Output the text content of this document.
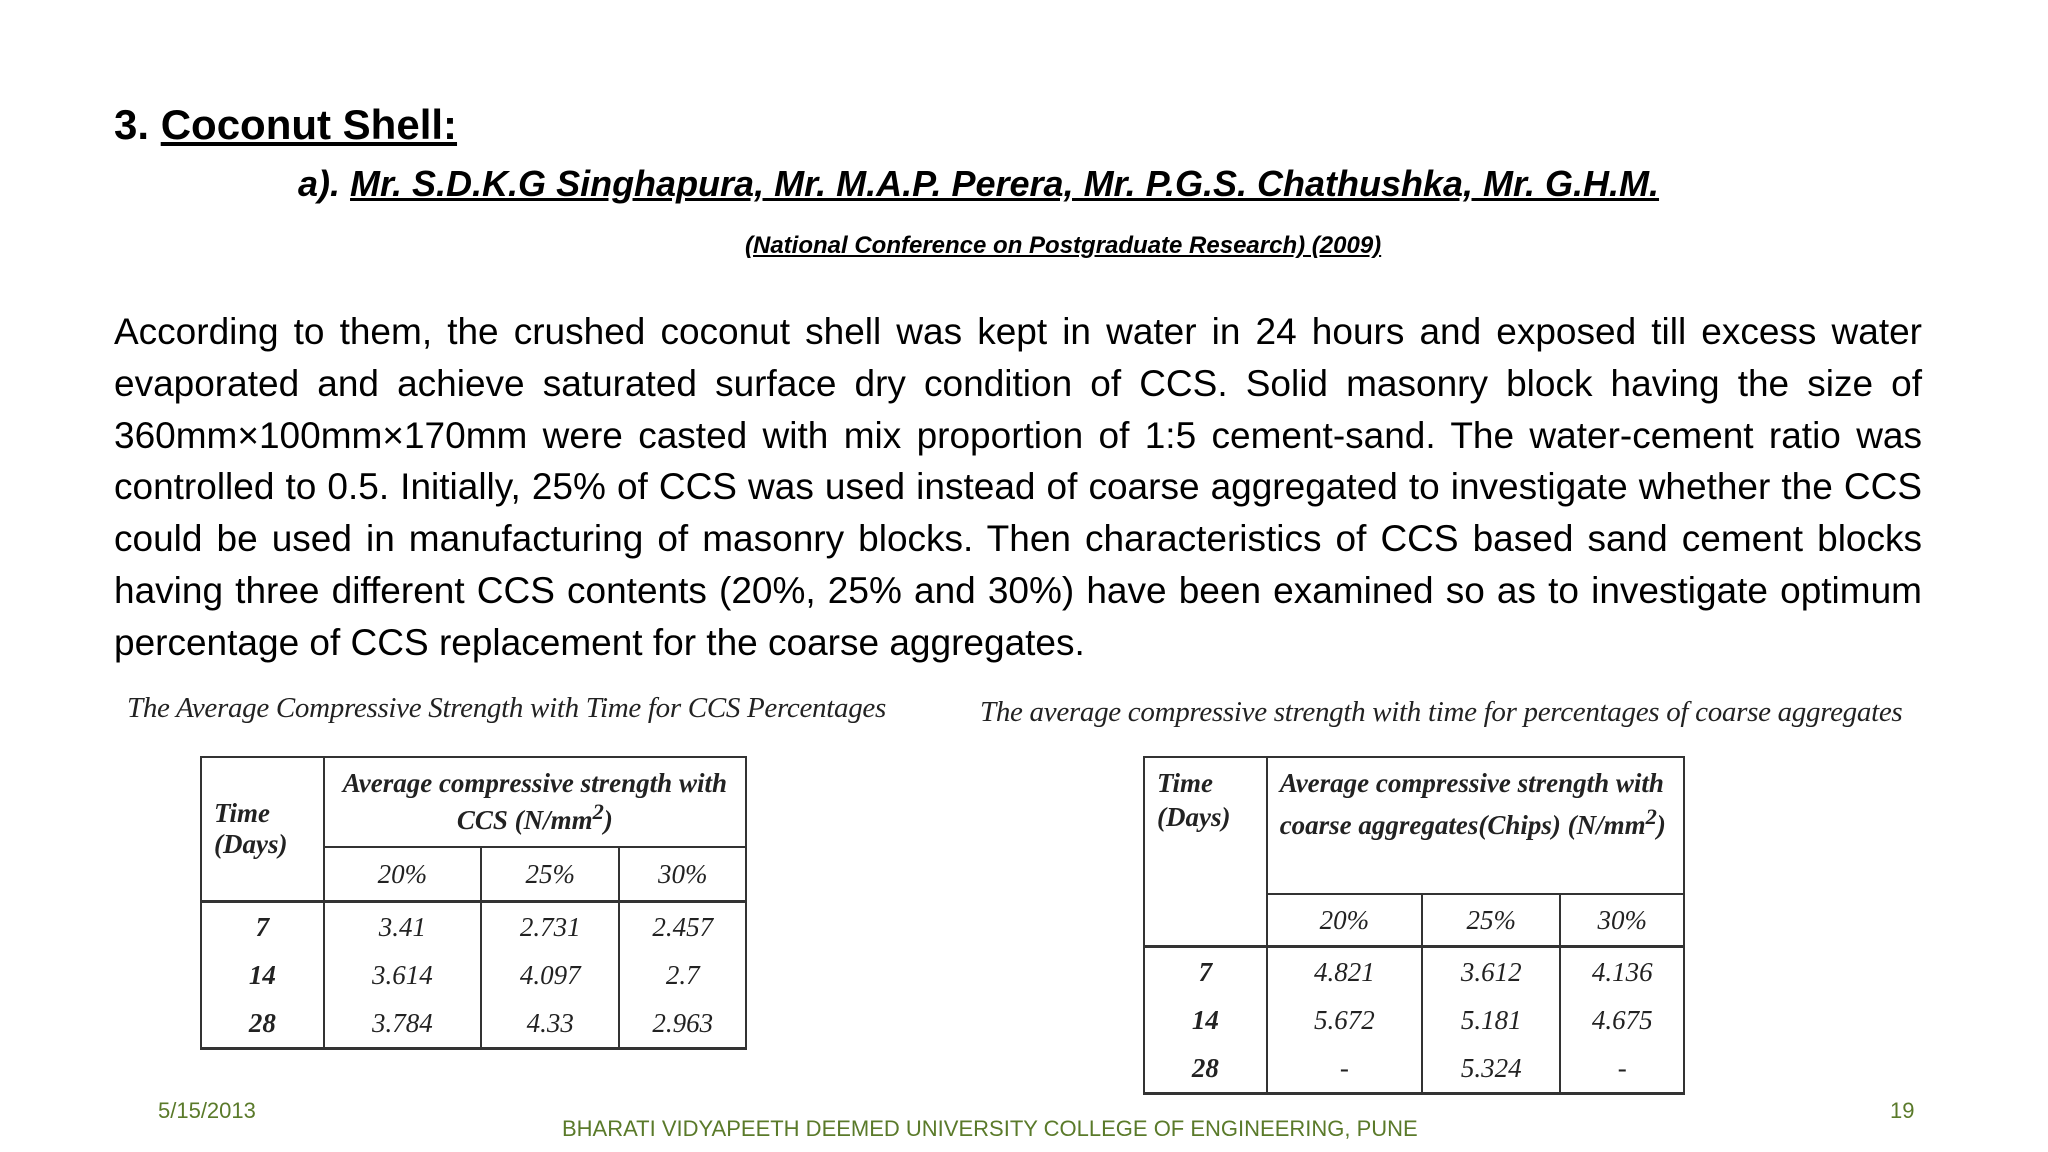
3. Coconut Shell:
a). Mr. S.D.K.G Singhapura, Mr. M.A.P. Perera, Mr. P.G.S. Chathushka, Mr. G.H.M.
(National Conference on Postgraduate Research) (2009)
According to them, the crushed coconut shell was kept in water in 24 hours and exposed till excess water evaporated and achieve saturated surface dry condition of CCS. Solid masonry block having the size of 360mm×100mm×170mm were casted with mix proportion of 1:5 cement-sand. The water-cement ratio was controlled to 0.5. Initially, 25% of CCS was used instead of coarse aggregated to investigate whether the CCS could be used in manufacturing of masonry blocks. Then characteristics of CCS based sand cement blocks having three different CCS contents (20%, 25% and 30%) have been examined so as to investigate optimum percentage of CCS replacement for the coarse aggregates.
The Average Compressive Strength with Time for CCS Percentages	The average compressive strength with time for percentages of coarse aggregates
Time
(Days)	Average compressive strength with
CCS $(N/mm^2)$		
	20%	25%	30%
7	3.41	2.731	2.457
14	3.614	4.097	2.7
28	3.784	4.33	2.963
Time
(Days)	Average compressive strength with
coarse aggregates(Chips) $(N/mm^2)$		
	20%	25%	30%
7	4.821	3.612	4.136
14	5.672	5.181	4.675
28	-	5.324	-
5/15/2013
BHARATI VIDYAPEETH DEEMED UNIVERSITY COLLEGE OF ENGINEERING, PUNE
19
